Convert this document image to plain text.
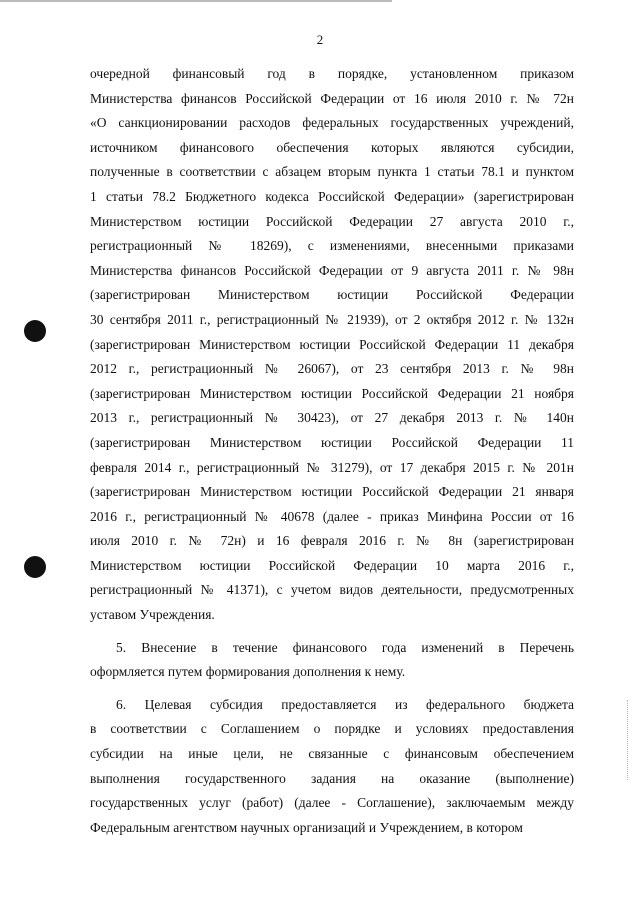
2
очередной финансовый год в порядке, установленном приказом
Министерства финансов Российской Федерации от 16 июля 2010 г. № 72н
«О санкционировании расходов федеральных государственных учреждений,
источником финансового обеспечения которых являются субсидии,
полученные в соответствии с абзацем вторым пункта 1 статьи 78.1 и пунктом
1 статьи 78.2 Бюджетного кодекса Российской Федерации» (зарегистрирован
Министерством юстиции Российской Федерации 27 августа 2010 г.,
регистрационный № 18269), с изменениями, внесенными приказами
Министерства финансов Российской Федерации от 9 августа 2011 г. № 98н
(зарегистрирован Министерством юстиции Российской Федерации
30 сентября 2011 г., регистрационный № 21939), от 2 октября 2012 г. № 132н
(зарегистрирован Министерством юстиции Российской Федерации 11 декабря
2012 г., регистрационный № 26067), от 23 сентября 2013 г. № 98н
(зарегистрирован Министерством юстиции Российской Федерации 21 ноября
2013 г., регистрационный № 30423), от 27 декабря 2013 г. № 140н
(зарегистрирован Министерством юстиции Российской Федерации 11
февраля 2014 г., регистрационный № 31279), от 17 декабря 2015 г. № 201н
(зарегистрирован Министерством юстиции Российской Федерации 21 января
2016 г., регистрационный № 40678 (далее - приказ Минфина России от 16
июля 2010 г. № 72н) и 16 февраля 2016 г. № 8н (зарегистрирован
Министерством юстиции Российской Федерации 10 марта 2016 г.,
регистрационный № 41371), с учетом видов деятельности, предусмотренных
уставом Учреждения.
5. Внесение в течение финансового года изменений в Перечень
оформляется путем формирования дополнения к нему.
6. Целевая субсидия предоставляется из федерального бюджета
в соответствии с Соглашением о порядке и условиях предоставления
субсидии на иные цели, не связанные с финансовым обеспечением
выполнения государственного задания на оказание (выполнение)
государственных услуг (работ) (далее - Соглашение), заключаемым между
Федеральным агентством научных организаций и Учреждением, в котором
